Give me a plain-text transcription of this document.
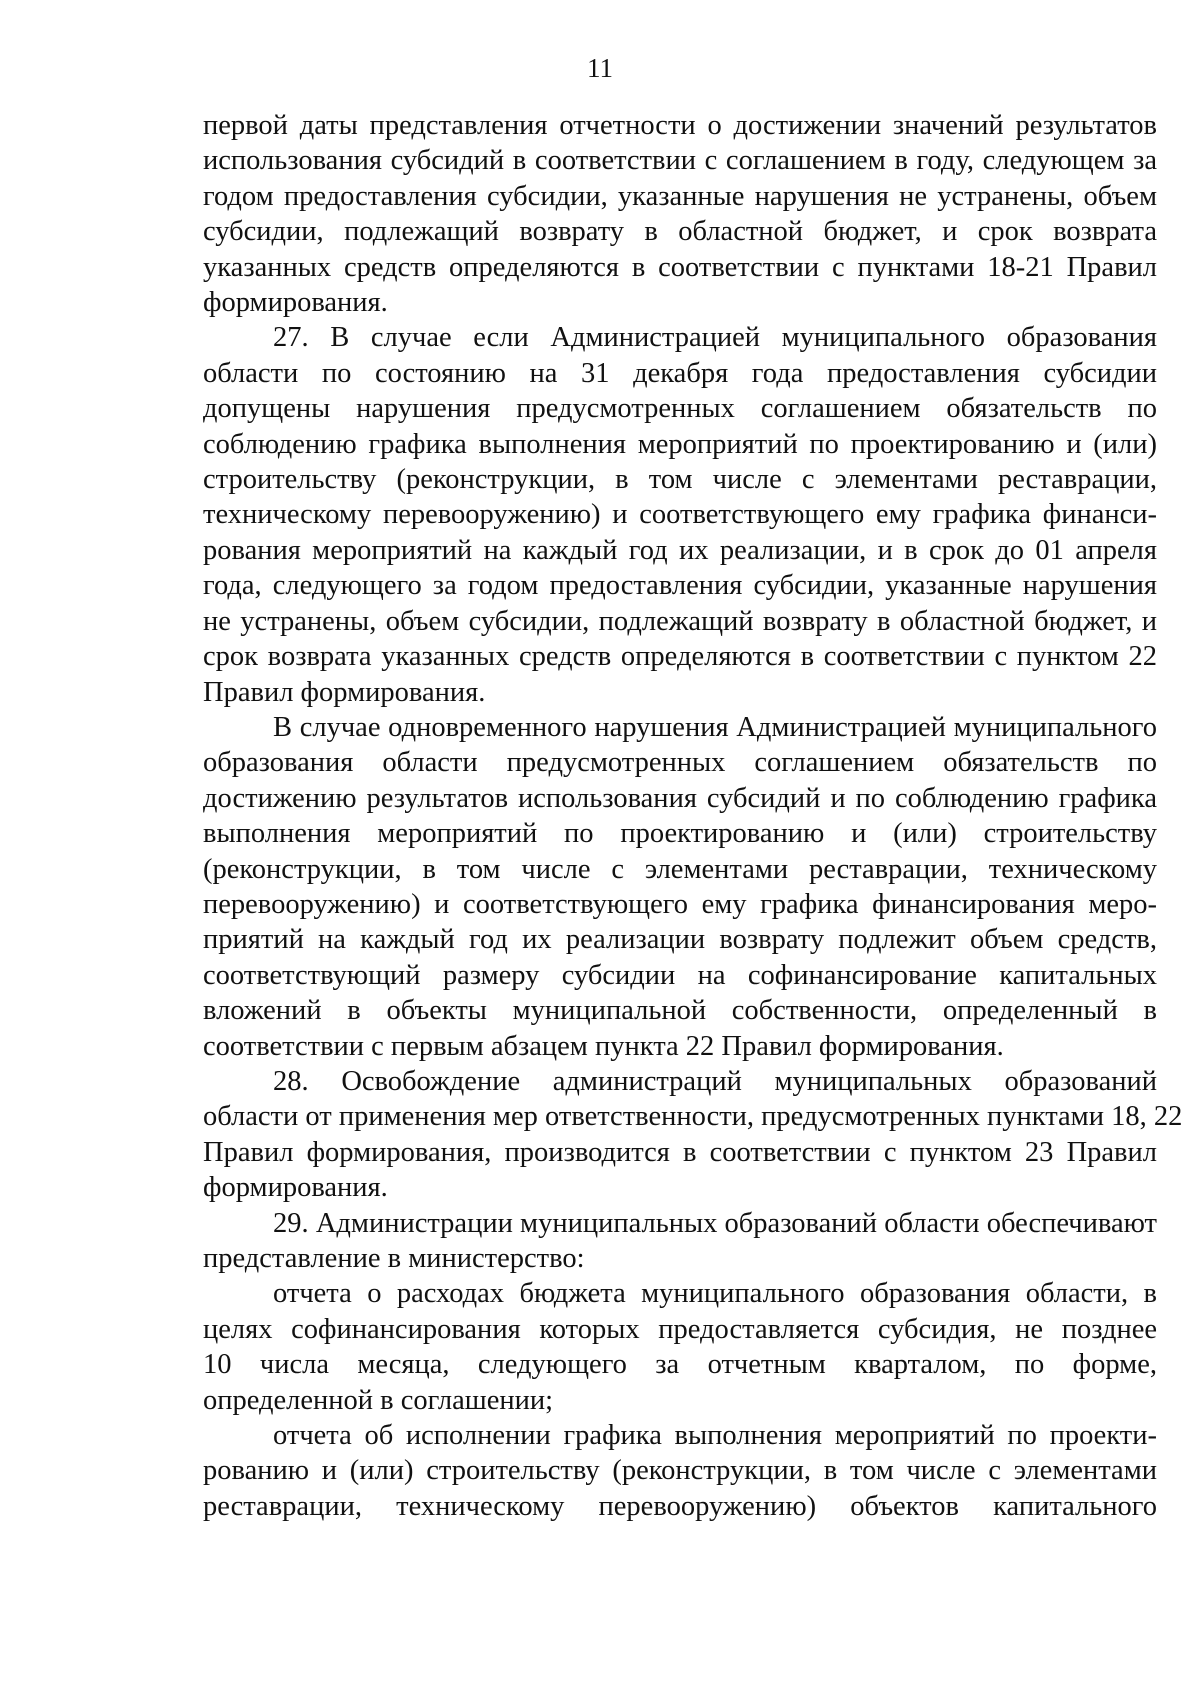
11

первой даты представления отчетности о достижении значений результатов
использования субсидий в соответствии с соглашением в году, следующем за
годом предоставления субсидии, указанные нарушения не устранены, объем
субсидии, подлежащий возврату в областной бюджет, и срок возврата
указанных средств определяются в соответствии с пунктами 18-21 Правил
формирования.

27. В случае если Администрацией муниципального образования
области по состоянию на 31 декабря года предоставления субсидии
допущены нарушения предусмотренных соглашением обязательств по
соблюдению графика выполнения мероприятий по проектированию и (или)
строительству (реконструкции, в том числе с элементами реставрации,
техническому перевооружению) и соответствующего ему графика финанси-
рования мероприятий на каждый год их реализации, и в срок до 01 апреля
года, следующего за годом предоставления субсидии, указанные нарушения
не устранены, объем субсидии, подлежащий возврату в областной бюджет, и
срок возврата указанных средств определяются в соответствии с пунктом 22
Правил формирования.

В случае одновременного нарушения Администрацией муниципального
образования области предусмотренных соглашением обязательств по
достижению результатов использования субсидий и по соблюдению графика
выполнения мероприятий по проектированию и (или) строительству
(реконструкции, в том числе с элементами реставрации, техническому
перевооружению) и соответствующего ему графика финансирования меро-
приятий на каждый год их реализации возврату подлежит объем средств,
соответствующий размеру субсидии на софинансирование капитальных
вложений в объекты муниципальной собственности, определенный в
соответствии с первым абзацем пункта 22 Правил формирования.

28. Освобождение администраций муниципальных образований
области от применения мер ответственности, предусмотренных пунктами 18, 22
Правил формирования, производится в соответствии с пунктом 23 Правил
формирования.

29. Администрации муниципальных образований области обеспечивают
представление в министерство:

отчета о расходах бюджета муниципального образования области, в
целях софинансирования которых предоставляется субсидия, не позднее
10 числа месяца, следующего за отчетным кварталом, по форме,
определенной в соглашении;

отчета об исполнении графика выполнения мероприятий по проекти-
рованию и (или) строительству (реконструкции, в том числе с элементами
реставрации, техническому перевооружению) объектов капитального
